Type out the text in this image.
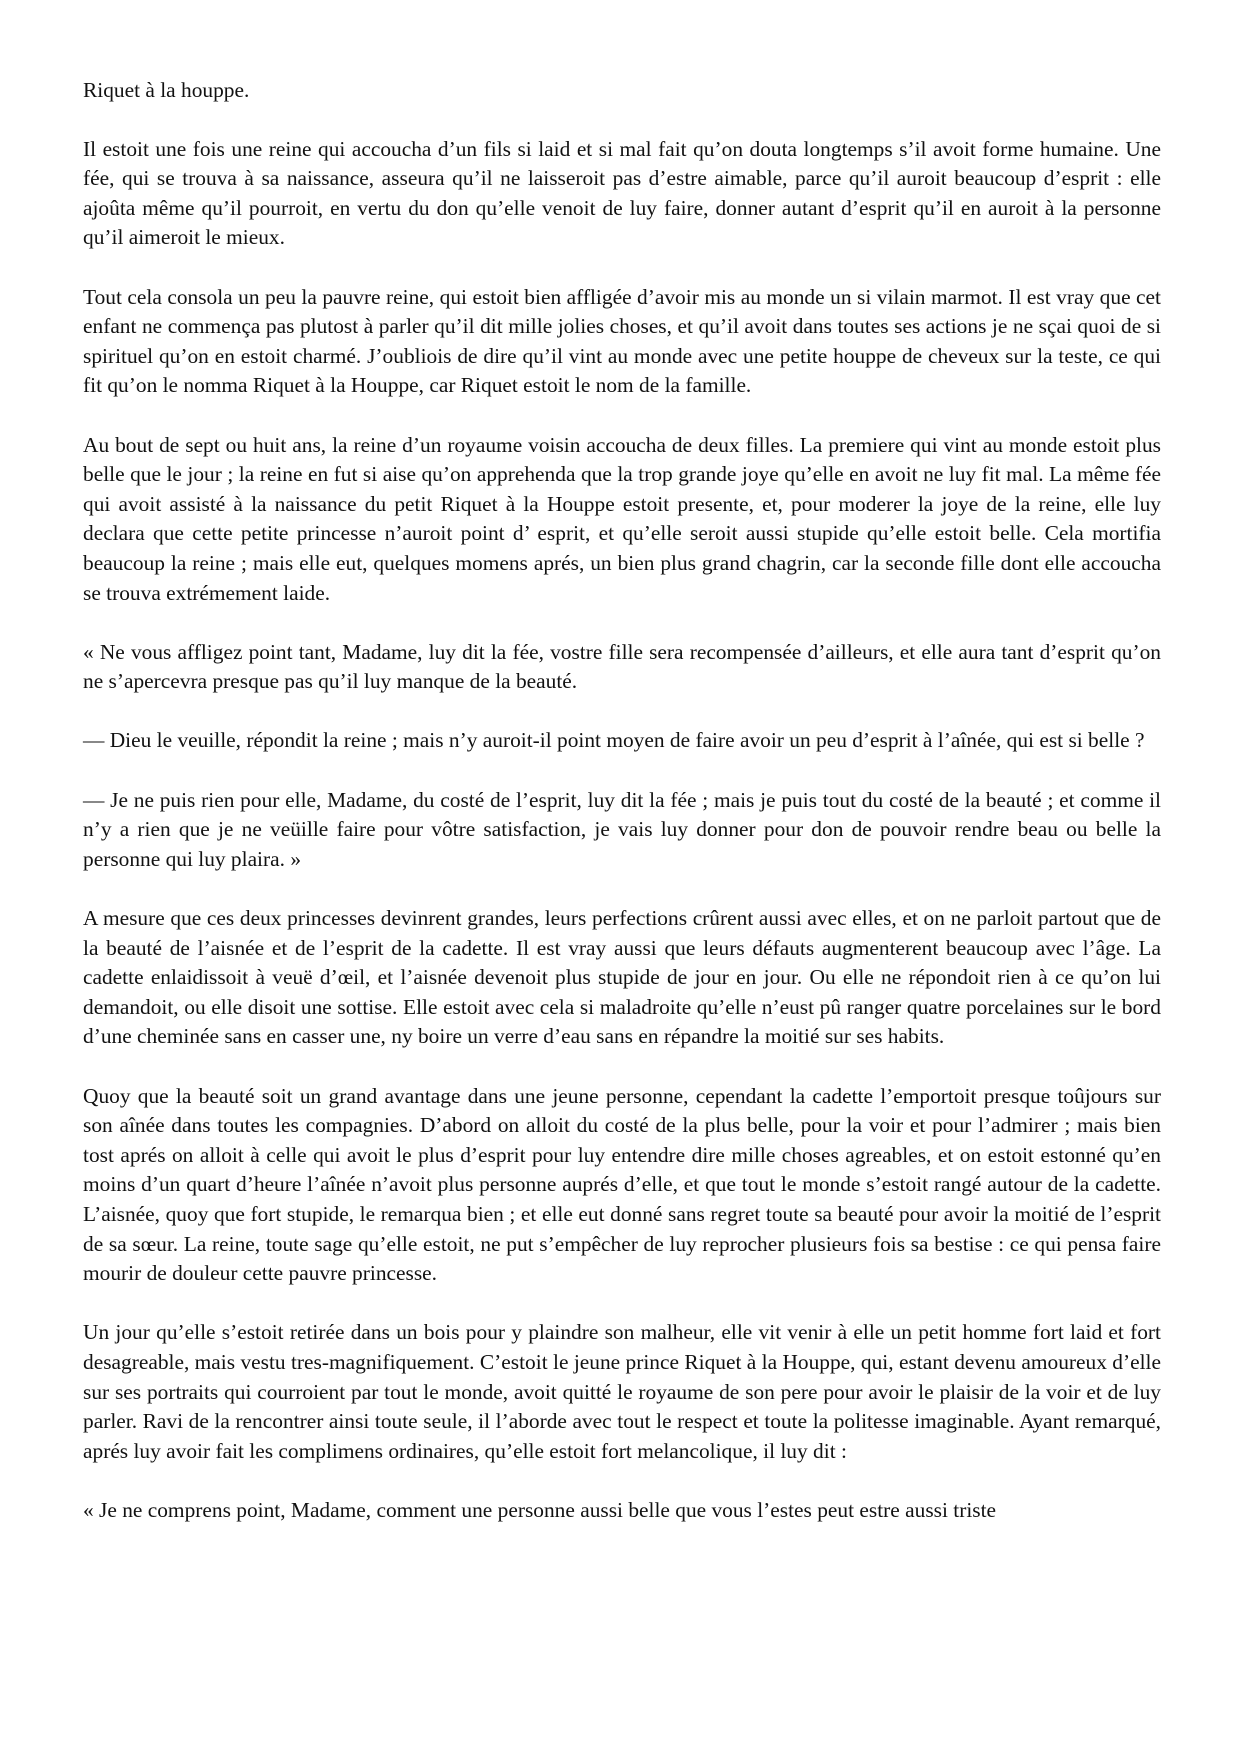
Riquet à la houppe.

Il estoit une fois une reine qui accoucha d’un fils si laid et si mal fait qu’on douta longtemps s’il avoit forme humaine. Une fée, qui se trouva à sa naissance, asseura qu’il ne laisseroit pas d’estre aimable, parce qu’il auroit beaucoup d’esprit : elle ajoûta même qu’il pourroit, en vertu du don qu’elle venoit de luy faire, donner autant d’esprit qu’il en auroit à la personne qu’il aimeroit le mieux.

Tout cela consola un peu la pauvre reine, qui estoit bien affligée d’avoir mis au monde un si vilain marmot. Il est vray que cet enfant ne commença pas plutost à parler qu’il dit mille jolies choses, et qu’il avoit dans toutes ses actions je ne sçai quoi de si spirituel qu’on en estoit charmé. J’oubliois de dire qu’il vint au monde avec une petite houppe de cheveux sur la teste, ce qui fit qu’on le nomma Riquet à la Houppe, car Riquet estoit le nom de la famille.

Au bout de sept ou huit ans, la reine d’un royaume voisin accoucha de deux filles. La premiere qui vint au monde estoit plus belle que le jour ; la reine en fut si aise qu’on apprehenda que la trop grande joye qu’elle en avoit ne luy fit mal. La même fée qui avoit assisté à la naissance du petit Riquet à la Houppe estoit presente, et, pour moderer la joye de la reine, elle luy declara que cette petite princesse n’auroit point d’ esprit, et qu’elle seroit aussi stupide qu’elle estoit belle. Cela mortifia beaucoup la reine ; mais elle eut, quelques momens aprés, un bien plus grand chagrin, car la seconde fille dont elle accoucha se trouva extrémement laide.

« Ne vous affligez point tant, Madame, luy dit la fée, vostre fille sera recompensée d’ailleurs, et elle aura tant d’esprit qu’on ne s’apercevra presque pas qu’il luy manque de la beauté.

— Dieu le veuille, répondit la reine ; mais n’y auroit-il point moyen de faire avoir un peu d’esprit à l’aînée, qui est si belle ?

— Je ne puis rien pour elle, Madame, du costé de l’esprit, luy dit la fée ; mais je puis tout du costé de la beauté ; et comme il n’y a rien que je ne veüille faire pour vôtre satisfaction, je vais luy donner pour don de pouvoir rendre beau ou belle la personne qui luy plaira. »

A mesure que ces deux princesses devinrent grandes, leurs perfections crûrent aussi avec elles, et on ne parloit partout que de la beauté de l’aisnée et de l’esprit de la cadette. Il est vray aussi que leurs défauts augmenterent beaucoup avec l’âge. La cadette enlaidissoit à veuë d’œil, et l’aisnée devenoit plus stupide de jour en jour. Ou elle ne répondoit rien à ce qu’on lui demandoit, ou elle disoit une sottise. Elle estoit avec cela si maladroite qu’elle n’eust pû ranger quatre porcelaines sur le bord d’une cheminée sans en casser une, ny boire un verre d’eau sans en répandre la moitié sur ses habits.

Quoy que la beauté soit un grand avantage dans une jeune personne, cependant la cadette l’emportoit presque toûjours sur son aînée dans toutes les compagnies. D’abord on alloit du costé de la plus belle, pour la voir et pour l’admirer ; mais bien tost aprés on alloit à celle qui avoit le plus d’esprit pour luy entendre dire mille choses agreables, et on estoit estonné qu’en moins d’un quart d’heure l’aînée n’avoit plus personne auprés d’elle, et que tout le monde s’estoit rangé autour de la cadette. L’aisnée, quoy que fort stupide, le remarqua bien ; et elle eut donné sans regret toute sa beauté pour avoir la moitié de l’esprit de sa sœur. La reine, toute sage qu’elle estoit, ne put s’empêcher de luy reprocher plusieurs fois sa bestise : ce qui pensa faire mourir de douleur cette pauvre princesse.

Un jour qu’elle s’estoit retirée dans un bois pour y plaindre son malheur, elle vit venir à elle un petit homme fort laid et fort desagreable, mais vestu tres-magnifiquement. C’estoit le jeune prince Riquet à la Houppe, qui, estant devenu amoureux d’elle sur ses portraits qui courroient par tout le monde, avoit quitté le royaume de son pere pour avoir le plaisir de la voir et de luy parler. Ravi de la rencontrer ainsi toute seule, il l’aborde avec tout le respect et toute la politesse imaginable. Ayant remarqué, aprés luy avoir fait les complimens ordinaires, qu’elle estoit fort melancolique, il luy dit :

« Je ne comprens point, Madame, comment une personne aussi belle que vous l’estes peut estre aussi triste
